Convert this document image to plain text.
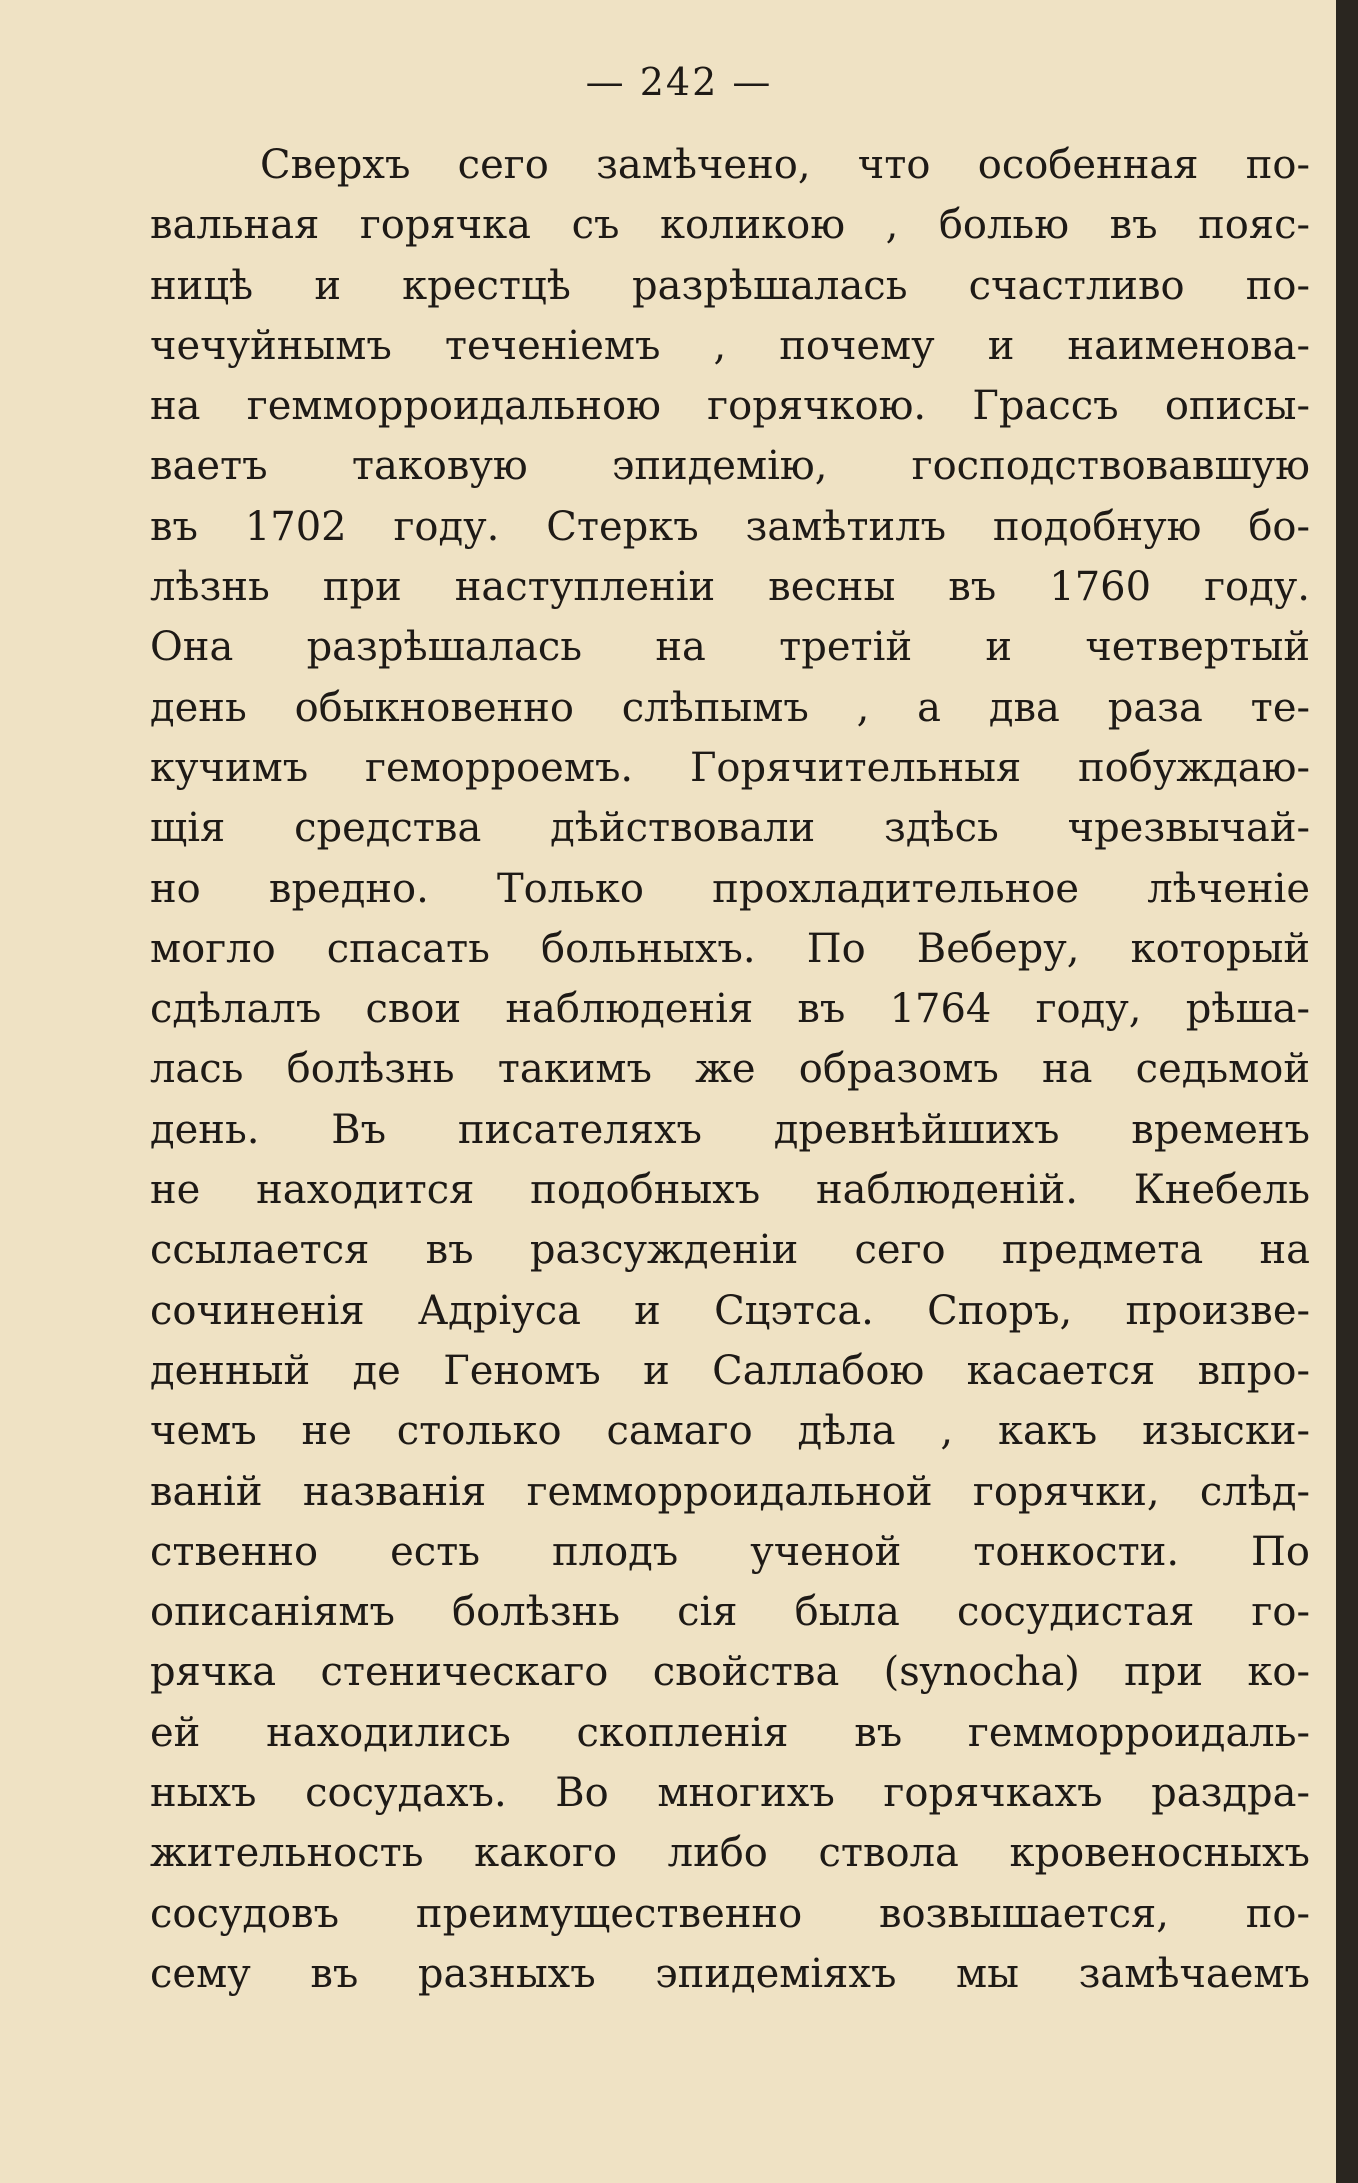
— 242 —
Сверхъ сего замѣчено, что особенная по-
вальная горячка съ коликою , болью въ пояс-
ницѣ и крестцѣ разрѣшалась счастливо по-
чечуйнымъ теченіемъ , почему и наименова-
на гемморроидальною горячкою. Грассъ описы-
ваетъ таковую эпидемію, господствовавшую
въ 1702 году. Стеркъ замѣтилъ подобную бо-
лѣзнь при наступленіи весны въ 1760 году.
Она разрѣшалась на третій и четвертый
день обыкновенно слѣпымъ , а два раза те-
кучимъ геморроемъ. Горячительныя побуждаю-
щія средства дѣйствовали здѣсь чрезвычай-
но вредно. Только прохладительное лѣченіе
могло спасать больныхъ. По Веберу, который
сдѣлалъ свои наблюденія въ 1764 году, рѣша-
лась болѣзнь такимъ же образомъ на седьмой
день. Въ писателяхъ древнѣйшихъ временъ
не находится подобныхъ наблюденій. Кнебель
ссылается въ разсужденіи сего предмета на
сочиненія Адріуса и Сцэтса. Споръ, произве-
денный де Геномъ и Саллабою касается впро-
чемъ не столько самаго дѣла , какъ изыски-
ваній названія гемморроидальной горячки, слѣд-
ственно есть плодъ ученой тонкости. По
описаніямъ болѣзнь сія была сосудистая го-
рячка стеническаго свойства (synocha) при ко-
ей находились скопленія въ гемморроидаль-
ныхъ сосудахъ. Во многихъ горячкахъ раздра-
жительность какого либо ствола кровеносныхъ
сосудовъ преимущественно возвышается, по-
сему въ разныхъ эпидеміяхъ мы замѣчаемъ
